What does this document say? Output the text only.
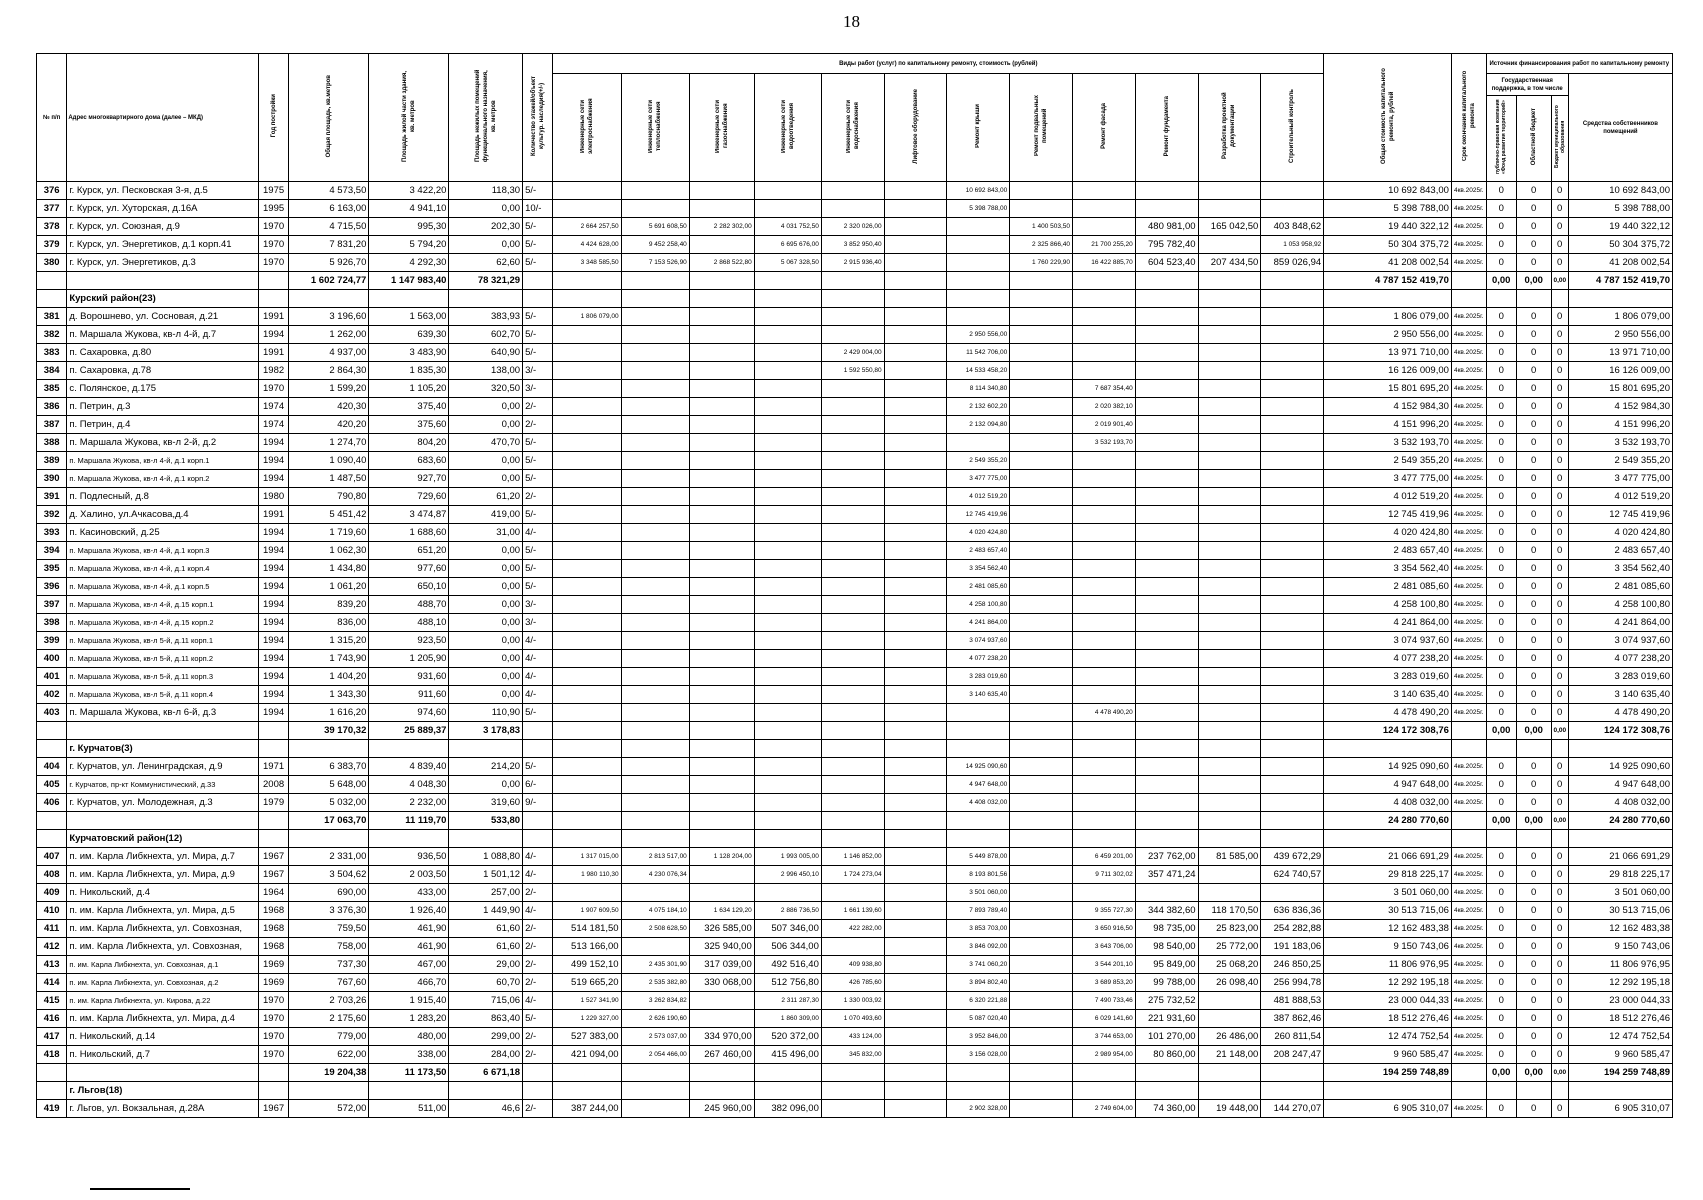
18
№ п/п	Адрес многоквартирного дома (далее – МКД)	Год постройки	Общая площадь, кв.метров	Площадь жилой части здания, кв. метров	Площадь нежилых помещений функционального назначения, кв. метров	Количество этажей/объект культур. наследия(+/-)	Виды работ (услуг) по капитальному ремонту, стоимость (рублей)												Общая стоимость капитального ремонта, рублей	Срок окончания капитального ремонта	Источник финансирования работ по капитальному ремонту			
							Инженерные сети электроснабжения	Инженерные сети теплоснабжения	Инженерные сети газоснабжения	Инженерные сети водоотведения	Инженерные сети водоснабжения	Лифтовое оборудование	Ремонт крыши	Ремонт подвальных помещений	Ремонт фасада	Ремонт фундамента	Разработка проектной документации	Строительный контроль			Государственная поддержка, в том числе			Средства собственников помещений
																					публично-правовая компания «Фонд развития территорий»	Областной бюджет	Бюджет муниципального образования	
376	г. Курск, ул. Песковская 3-я, д.5	1975	4 573,50	3 422,20	118,30	5/-							10 692 843,00						10 692 843,00	4кв.2025г.	0	0	0	10 692 843,00
377	г. Курск, ул. Хуторская, д.16А	1995	6 163,00	4 941,10	0,00	10/-							5 398 788,00						5 398 788,00	4кв.2025г.	0	0	0	5 398 788,00
378	г. Курск, ул. Союзная, д.9	1970	4 715,50	995,30	202,30	5/-	2 664 257,50	5 691 608,50	2 282 302,00	4 031 752,50	2 320 026,00			1 400 503,50		480 981,00	165 042,50	403 848,62	19 440 322,12	4кв.2025г.	0	0	0	19 440 322,12
379	г. Курск, ул. Энергетиков, д.1 корп.41	1970	7 831,20	5 794,20	0,00	5/-	4 424 628,00	9 452 258,40		6 695 676,00	3 852 950,40			2 325 866,40	21 700 255,20	795 782,40		1 053 958,92	50 304 375,72	4кв.2025г.	0	0	0	50 304 375,72
380	г. Курск, ул. Энергетиков, д.3	1970	5 926,70	4 292,30	62,60	5/-	3 348 585,50	7 153 526,90	2 868 522,80	5 067 328,50	2 915 936,40			1 760 229,90	16 422 885,70	604 523,40	207 434,50	859 026,94	41 208 002,54	4кв.2025г.	0	0	0	41 208 002,54
			1 602 724,77	1 147 983,40	78 321,29														4 787 152 419,70		0,00	0,00	0,00	4 787 152 419,70
	Курский район(23)																							
381	д. Ворошнево, ул. Сосновая, д.21	1991	3 196,60	1 563,00	383,93	5/-	1 806 079,00												1 806 079,00	4кв.2025г.	0	0	0	1 806 079,00
382	п. Маршала Жукова, кв-л 4-й, д.7	1994	1 262,00	639,30	602,70	5/-							2 950 556,00						2 950 556,00	4кв.2025г.	0	0	0	2 950 556,00
383	п. Сахаровка, д.80	1991	4 937,00	3 483,90	640,90	5/-					2 429 004,00		11 542 706,00						13 971 710,00	4кв.2025г.	0	0	0	13 971 710,00
384	п. Сахаровка, д.78	1982	2 864,30	1 835,30	138,00	3/-					1 592 550,80		14 533 458,20						16 126 009,00	4кв.2025г.	0	0	0	16 126 009,00
385	с. Полянское, д.175	1970	1 599,20	1 105,20	320,50	3/-							8 114 340,80		7 687 354,40				15 801 695,20	4кв.2025г.	0	0	0	15 801 695,20
386	п. Петрин, д.3	1974	420,30	375,40	0,00	2/-							2 132 602,20		2 020 382,10				4 152 984,30	4кв.2025г.	0	0	0	4 152 984,30
387	п. Петрин, д.4	1974	420,20	375,60	0,00	2/-							2 132 094,80		2 019 901,40				4 151 996,20	4кв.2025г.	0	0	0	4 151 996,20
388	п. Маршала Жукова, кв-л 2-й, д.2	1994	1 274,70	804,20	470,70	5/-									3 532 193,70				3 532 193,70	4кв.2025г.	0	0	0	3 532 193,70
389	п. Маршала Жукова, кв-л 4-й, д.1 корп.1	1994	1 090,40	683,60	0,00	5/-							2 549 355,20						2 549 355,20	4кв.2025г.	0	0	0	2 549 355,20
390	п. Маршала Жукова, кв-л 4-й, д.1 корп.2	1994	1 487,50	927,70	0,00	5/-							3 477 775,00						3 477 775,00	4кв.2025г.	0	0	0	3 477 775,00
391	п. Подлесный, д.8	1980	790,80	729,60	61,20	2/-							4 012 519,20						4 012 519,20	4кв.2025г.	0	0	0	4 012 519,20
392	д. Халино, ул.Ачкасова,д.4	1991	5 451,42	3 474,87	419,00	5/-							12 745 419,96						12 745 419,96	4кв.2025г.	0	0	0	12 745 419,96
393	п. Касиновский, д.25	1994	1 719,60	1 688,60	31,00	4/-							4 020 424,80						4 020 424,80	4кв.2025г.	0	0	0	4 020 424,80
394	п. Маршала Жукова, кв-л 4-й, д.1 корп.3	1994	1 062,30	651,20	0,00	5/-							2 483 657,40						2 483 657,40	4кв.2025г.	0	0	0	2 483 657,40
395	п. Маршала Жукова, кв-л 4-й, д.1 корп.4	1994	1 434,80	977,60	0,00	5/-							3 354 562,40						3 354 562,40	4кв.2025г.	0	0	0	3 354 562,40
396	п. Маршала Жукова, кв-л 4-й, д.1 корп.5	1994	1 061,20	650,10	0,00	5/-							2 481 085,60						2 481 085,60	4кв.2025г.	0	0	0	2 481 085,60
397	п. Маршала Жукова, кв-л 4-й, д.15 корп.1	1994	839,20	488,70	0,00	3/-							4 258 100,80						4 258 100,80	4кв.2025г.	0	0	0	4 258 100,80
398	п. Маршала Жукова, кв-л 4-й, д.15 корп.2	1994	836,00	488,10	0,00	3/-							4 241 864,00						4 241 864,00	4кв.2025г.	0	0	0	4 241 864,00
399	п. Маршала Жукова, кв-л 5-й, д.11 корп.1	1994	1 315,20	923,50	0,00	4/-							3 074 937,60						3 074 937,60	4кв.2025г.	0	0	0	3 074 937,60
400	п. Маршала Жукова, кв-л 5-й, д.11 корп.2	1994	1 743,90	1 205,90	0,00	4/-							4 077 238,20						4 077 238,20	4кв.2025г.	0	0	0	4 077 238,20
401	п. Маршала Жукова, кв-л 5-й, д.11 корп.3	1994	1 404,20	931,60	0,00	4/-							3 283 019,60						3 283 019,60	4кв.2025г.	0	0	0	3 283 019,60
402	п. Маршала Жукова, кв-л 5-й, д.11 корп.4	1994	1 343,30	911,60	0,00	4/-							3 140 635,40						3 140 635,40	4кв.2025г.	0	0	0	3 140 635,40
403	п. Маршала Жукова, кв-л 6-й, д.3	1994	1 616,20	974,60	110,90	5/-									4 478 490,20				4 478 490,20	4кв.2025г.	0	0	0	4 478 490,20
			39 170,32	25 889,37	3 178,83														124 172 308,76		0,00	0,00	0,00	124 172 308,76
	г. Курчатов(3)																							
404	г. Курчатов, ул. Ленинградская, д.9	1971	6 383,70	4 839,40	214,20	5/-							14 925 090,60						14 925 090,60	4кв.2025г.	0	0	0	14 925 090,60
405	г. Курчатов, пр-кт Коммунистический, д.33	2008	5 648,00	4 048,30	0,00	6/-							4 947 648,00						4 947 648,00	4кв.2025г.	0	0	0	4 947 648,00
406	г. Курчатов, ул. Молодежная, д.3	1979	5 032,00	2 232,00	319,60	9/-							4 408 032,00						4 408 032,00	4кв.2025г.	0	0	0	4 408 032,00
			17 063,70	11 119,70	533,80														24 280 770,60		0,00	0,00	0,00	24 280 770,60
	Курчатовский район(12)																							
407	п. им. Карла Либкнехта, ул. Мира, д.7	1967	2 331,00	936,50	1 088,80	4/-	1 317 015,00	2 813 517,00	1 128 204,00	1 993 005,00	1 146 852,00		5 449 878,00		6 459 201,00	237 762,00	81 585,00	439 672,29	21 066 691,29	4кв.2025г.	0	0	0	21 066 691,29
408	п. им. Карла Либкнехта, ул. Мира, д.9	1967	3 504,62	2 003,50	1 501,12	4/-	1 980 110,30	4 230 076,34		2 996 450,10	1 724 273,04		8 193 801,56		9 711 302,02	357 471,24		624 740,57	29 818 225,17	4кв.2025г.	0	0	0	29 818 225,17
409	п. Никольский, д.4	1964	690,00	433,00	257,00	2/-							3 501 060,00						3 501 060,00	4кв.2025г.	0	0	0	3 501 060,00
410	п. им. Карла Либкнехта, ул. Мира, д.5	1968	3 376,30	1 926,40	1 449,90	4/-	1 907 609,50	4 075 184,10	1 634 129,20	2 886 736,50	1 661 139,60		7 893 789,40		9 355 727,30	344 382,60	118 170,50	636 836,36	30 513 715,06	4кв.2025г.	0	0	0	30 513 715,06
411	п. им. Карла Либкнехта, ул. Совхозная,	1968	759,50	461,90	61,60	2/-	514 181,50	2 508 628,50	326 585,00	507 346,00	422 282,00		3 853 703,00		3 650 916,50	98 735,00	25 823,00	254 282,88	12 162 483,38	4кв.2025г.	0	0	0	12 162 483,38
412	п. им. Карла Либкнехта, ул. Совхозная,	1968	758,00	461,90	61,60	2/-	513 166,00		325 940,00	506 344,00			3 846 092,00		3 643 706,00	98 540,00	25 772,00	191 183,06	9 150 743,06	4кв.2025г.	0	0	0	9 150 743,06
413	п. им. Карла Либкнехта, ул. Совхозная, д.1	1969	737,30	467,00	29,00	2/-	499 152,10	2 435 301,90	317 039,00	492 516,40	409 938,80		3 741 060,20		3 544 201,10	95 849,00	25 068,20	246 850,25	11 806 976,95	4кв.2025г.	0	0	0	11 806 976,95
414	п. им. Карла Либкнехта, ул. Совхозная, д.2	1969	767,60	466,70	60,70	2/-	519 665,20	2 535 382,80	330 068,00	512 756,80	426 785,60		3 894 802,40		3 689 853,20	99 788,00	26 098,40	256 994,78	12 292 195,18	4кв.2025г.	0	0	0	12 292 195,18
415	п. им. Карла Либкнехта, ул. Кирова, д.22	1970	2 703,26	1 915,40	715,06	4/-	1 527 341,90	3 262 834,82		2 311 287,30	1 330 003,92		6 320 221,88		7 490 733,46	275 732,52		481 888,53	23 000 044,33	4кв.2025г.	0	0	0	23 000 044,33
416	п. им. Карла Либкнехта, ул. Мира, д.4	1970	2 175,60	1 283,20	863,40	5/-	1 229 327,00	2 626 190,60		1 860 309,00	1 070 493,60		5 087 020,40		6 029 141,60	221 931,60		387 862,46	18 512 276,46	4кв.2025г.	0	0	0	18 512 276,46
417	п. Никольский, д.14	1970	779,00	480,00	299,00	2/-	527 383,00	2 573 037,00	334 970,00	520 372,00	433 124,00		3 952 846,00		3 744 653,00	101 270,00	26 486,00	260 811,54	12 474 752,54	4кв.2025г.	0	0	0	12 474 752,54
418	п. Никольский, д.7	1970	622,00	338,00	284,00	2/-	421 094,00	2 054 466,00	267 460,00	415 496,00	345 832,00		3 156 028,00		2 989 954,00	80 860,00	21 148,00	208 247,47	9 960 585,47	4кв.2025г.	0	0	0	9 960 585,47
			19 204,38	11 173,50	6 671,18														194 259 748,89		0,00	0,00	0,00	194 259 748,89
	г. Льгов(18)																							
419	г. Льгов, ул. Вокзальная, д.28А	1967	572,00	511,00	46,6	2/-	387 244,00		245 960,00	382 096,00			2 902 328,00		2 749 604,00	74 360,00	19 448,00	144 270,07	6 905 310,07	4кв.2025г.	0	0	0	6 905 310,07
